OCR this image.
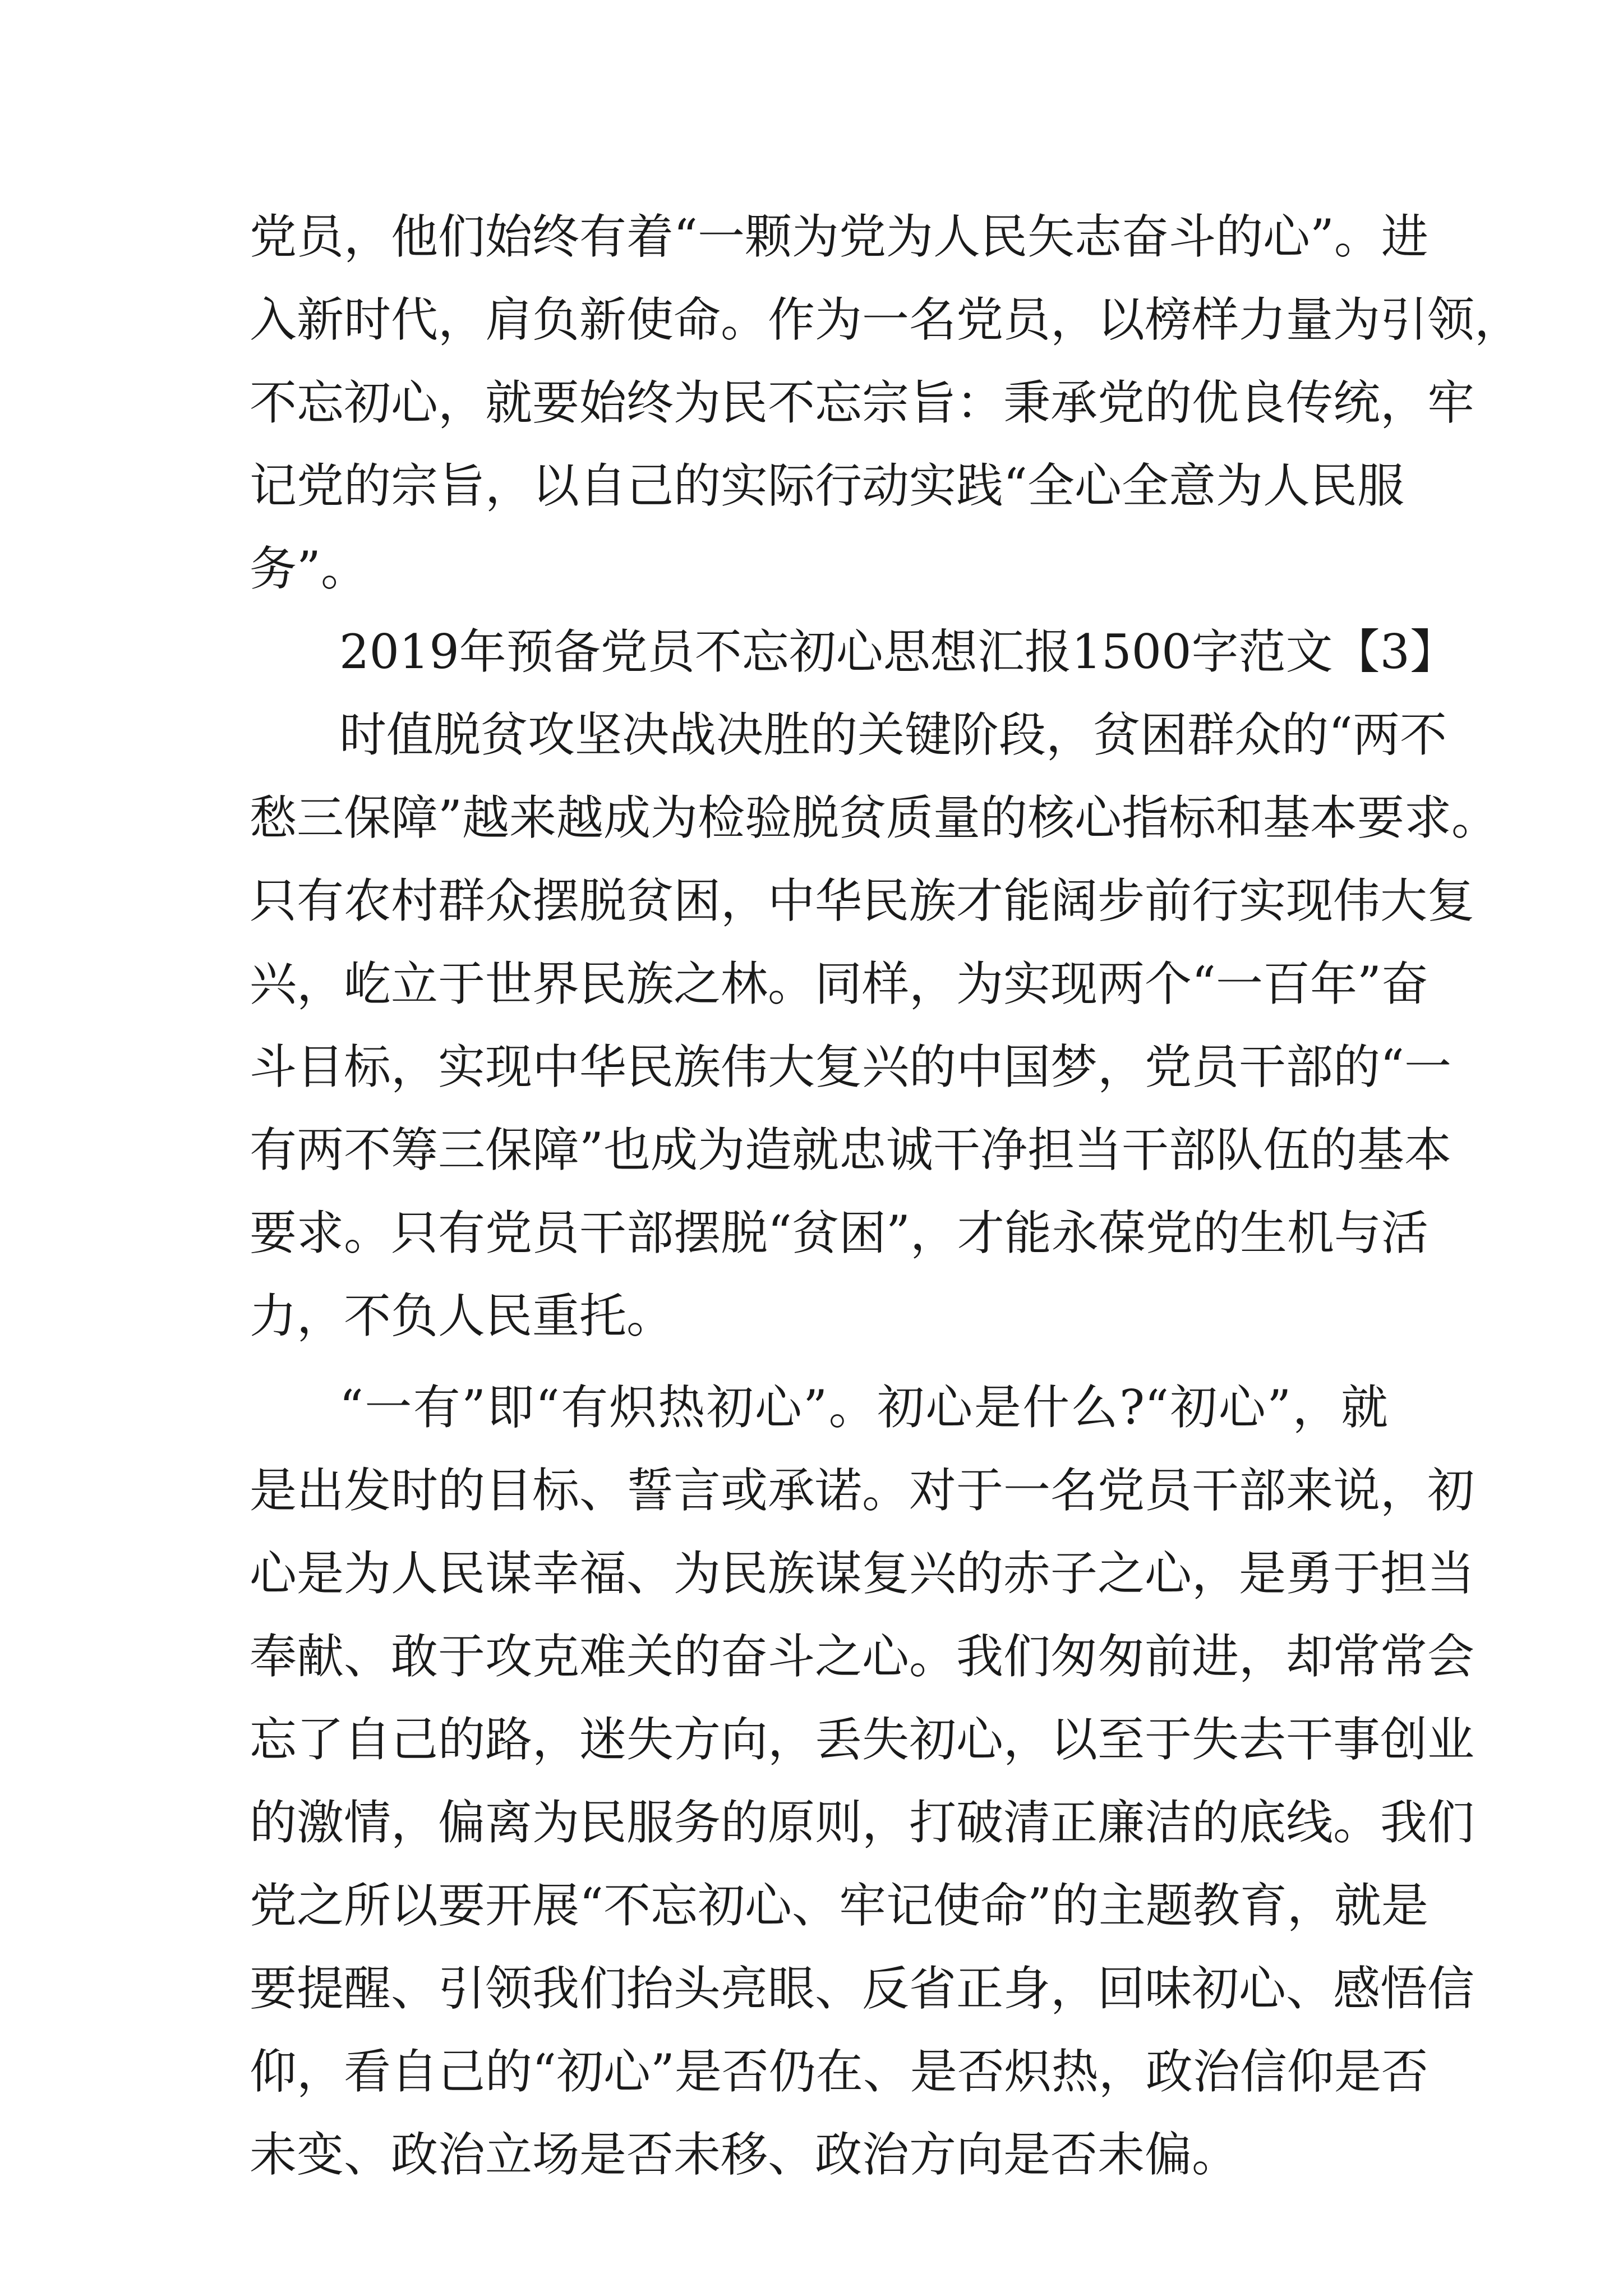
党员，他们始终有着“一颗为党为人民矢志奋斗的心”。进
入新时代，肩负新使命。作为一名党员，以榜样力量为引领，
不忘初心，就要始终为民不忘宗旨：秉承党的优良传统，牢
记党的宗旨，以自己的实际行动实践“全心全意为人民服
务”。
2019年预备党员不忘初心思想汇报1500字范文【3】
时值脱贫攻坚决战决胜的关键阶段，贫困群众的“两不
愁三保障”越来越成为检验脱贫质量的核心指标和基本要求。
只有农村群众摆脱贫困，中华民族才能阔步前行实现伟大复
兴，屹立于世界民族之林。同样，为实现两个“一百年”奋
斗目标，实现中华民族伟大复兴的中国梦，党员干部的“一
有两不筹三保障”也成为造就忠诚干净担当干部队伍的基本
要求。只有党员干部摆脱“贫困”，才能永葆党的生机与活
力，不负人民重托。
“一有”即“有炽热初心”。初心是什么?“初心”，就
是出发时的目标、誓言或承诺。对于一名党员干部来说，初
心是为人民谋幸福、为民族谋复兴的赤子之心，是勇于担当
奉献、敢于攻克难关的奋斗之心。我们匆匆前进，却常常会
忘了自己的路，迷失方向，丢失初心，以至于失去干事创业
的激情，偏离为民服务的原则，打破清正廉洁的底线。我们
党之所以要开展“不忘初心、牢记使命”的主题教育，就是
要提醒、引领我们抬头亮眼、反省正身，回味初心、感悟信
仰，看自己的“初心”是否仍在、是否炽热，政治信仰是否
未变、政治立场是否未移、政治方向是否未偏。
